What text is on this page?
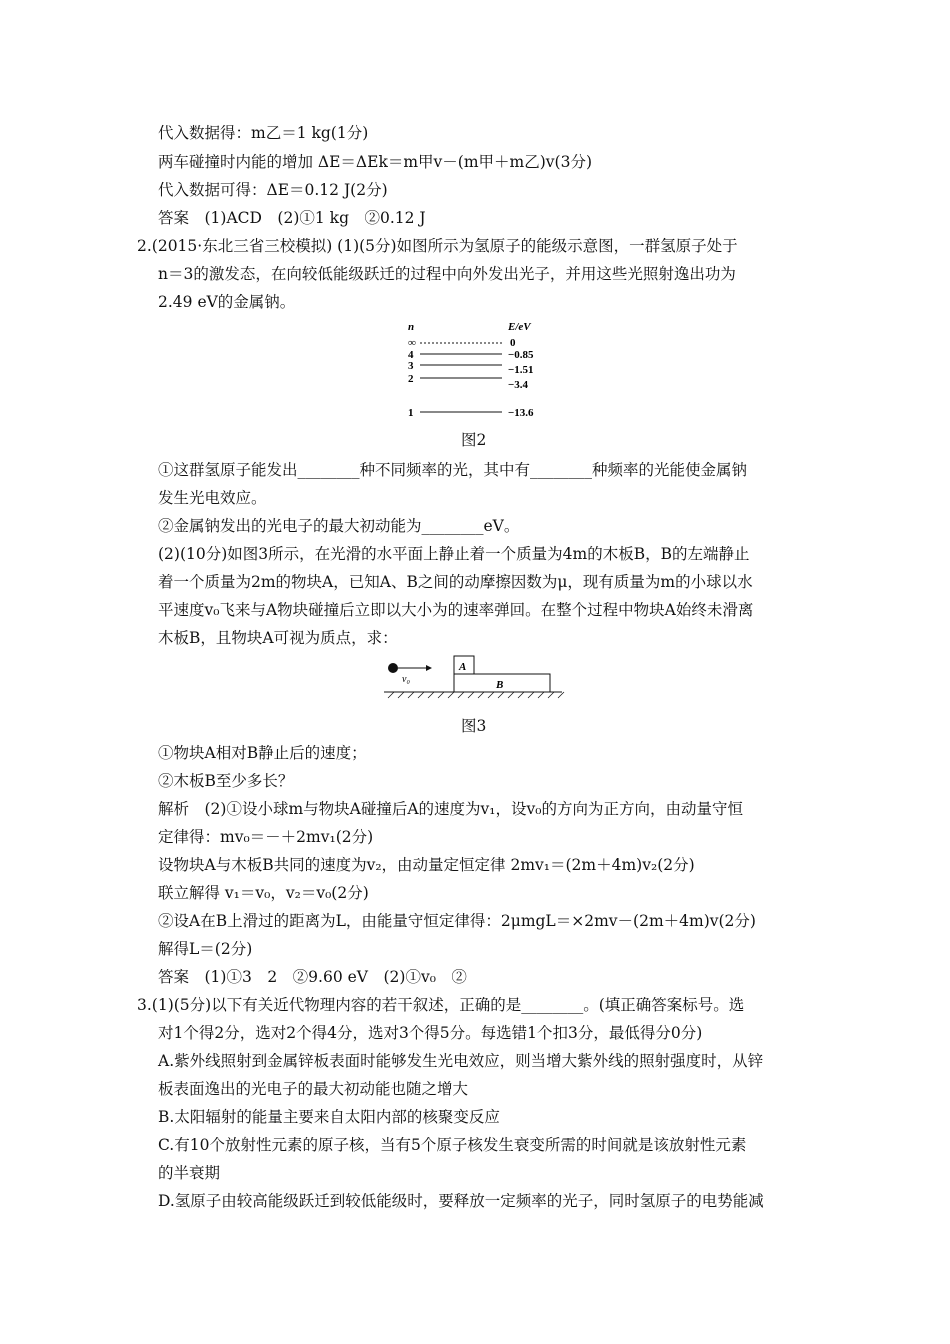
代入数据得：m乙＝1 kg(1分)
两车碰撞时内能的增加 ΔE＝ΔEk＝m甲v－(m甲＋m乙)v(3分)
代入数据可得：ΔE＝0.12 J(2分)
答案　(1)ACD　(2)①1 kg　②0.12 J
2.(2015·东北三省三校模拟) (1)(5分)如图所示为氢原子的能级示意图，一群氢原子处于
n＝3的激发态，在向较低能级跃迁的过程中向外发出光子，并用这些光照射逸出功为
2.49 eV的金属钠。
n	E/eV
∞	0
4	−0.85
3	−1.51
2	−3.4
1	−13.6
图2
①这群氢原子能发出________种不同频率的光，其中有________种频率的光能使金属钠
发生光电效应。
②金属钠发出的光电子的最大初动能为________eV。
(2)(10分)如图3所示，在光滑的水平面上静止着一个质量为4m的木板B，B的左端静止
着一个质量为2m的物块A，已知A、B之间的动摩擦因数为μ，现有质量为m的小球以水
平速度v₀飞来与A物块碰撞后立即以大小为的速率弹回。在整个过程中物块A始终未滑离
木板B，且物块A可视为质点，求：
v₀
A
B
图3
①物块A相对B静止后的速度；
②木板B至少多长？
解析　(2)①设小球m与物块A碰撞后A的速度为v₁，设v₀的方向为正方向，由动量守恒
定律得：mv₀＝－＋2mv₁(2分)
设物块A与木板B共同的速度为v₂，由动量定恒定律 2mv₁＝(2m＋4m)v₂(2分)
联立解得 v₁＝v₀，v₂＝v₀(2分)
②设A在B上滑过的距离为L，由能量守恒定律得：2μmgL＝×2mv－(2m＋4m)v(2分)
解得L＝(2分)
答案　(1)①3　2　②9.60 eV　(2)①v₀　②
3.(1)(5分)以下有关近代物理内容的若干叙述，正确的是________。(填正确答案标号。选
对1个得2分，选对2个得4分，选对3个得5分。每选错1个扣3分，最低得分0分)
A.紫外线照射到金属锌板表面时能够发生光电效应，则当增大紫外线的照射强度时，从锌
板表面逸出的光电子的最大初动能也随之增大
B.太阳辐射的能量主要来自太阳内部的核聚变反应
C.有10个放射性元素的原子核，当有5个原子核发生衰变所需的时间就是该放射性元素
的半衰期
D.氢原子由较高能级跃迁到较低能级时，要释放一定频率的光子，同时氢原子的电势能减
